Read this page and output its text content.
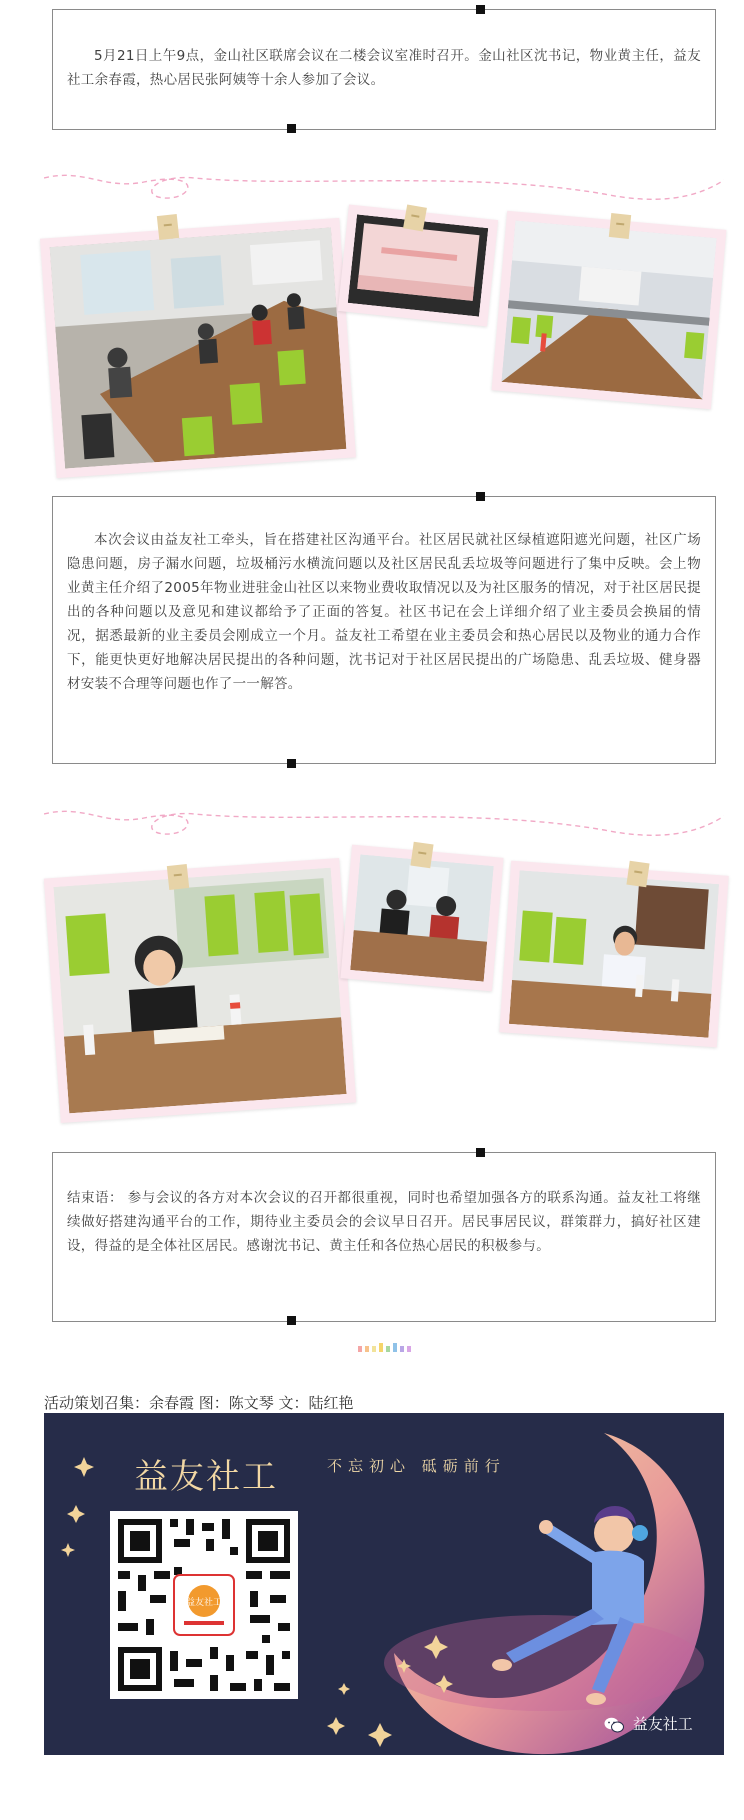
5月21日上午9点，金山社区联席会议在二楼会议室准时召开。金山社区沈书记，物业黄主任，益友社工余春霞，热心居民张阿姨等十余人参加了会议。

本次会议由益友社工牵头，旨在搭建社区沟通平台。社区居民就社区绿植遮阳遮光问题，社区广场隐患问题，房子漏水问题，垃圾桶污水横流问题以及社区居民乱丢垃圾等问题进行了集中反映。会上物业黄主任介绍了2005年物业进驻金山社区以来物业费收取情况以及为社区服务的情况，对于社区居民提出的各种问题以及意见和建议都给予了正面的答复。社区书记在会上详细介绍了业主委员会换届的情况，据悉最新的业主委员会刚成立一个月。益友社工希望在业主委员会和热心居民以及物业的通力合作下，能更快更好地解决居民提出的各种问题，沈书记对于社区居民提出的广场隐患、乱丢垃圾、健身器材安装不合理等问题也作了一一解答。

结束语： 参与会议的各方对本次会议的召开都很重视，同时也希望加强各方的联系沟通。益友社工将继续做好搭建沟通平台的工作，期待业主委员会的会议早日召开。居民事居民议，群策群力，搞好社区建设，得益的是全体社区居民。感谢沈书记、黄主任和各位热心居民的积极参与。

活动策划召集：余春霞 图：陈文琴 文：陆红艳
益友社工	不忘初心 砥砺前行
益友社工
益友社工
